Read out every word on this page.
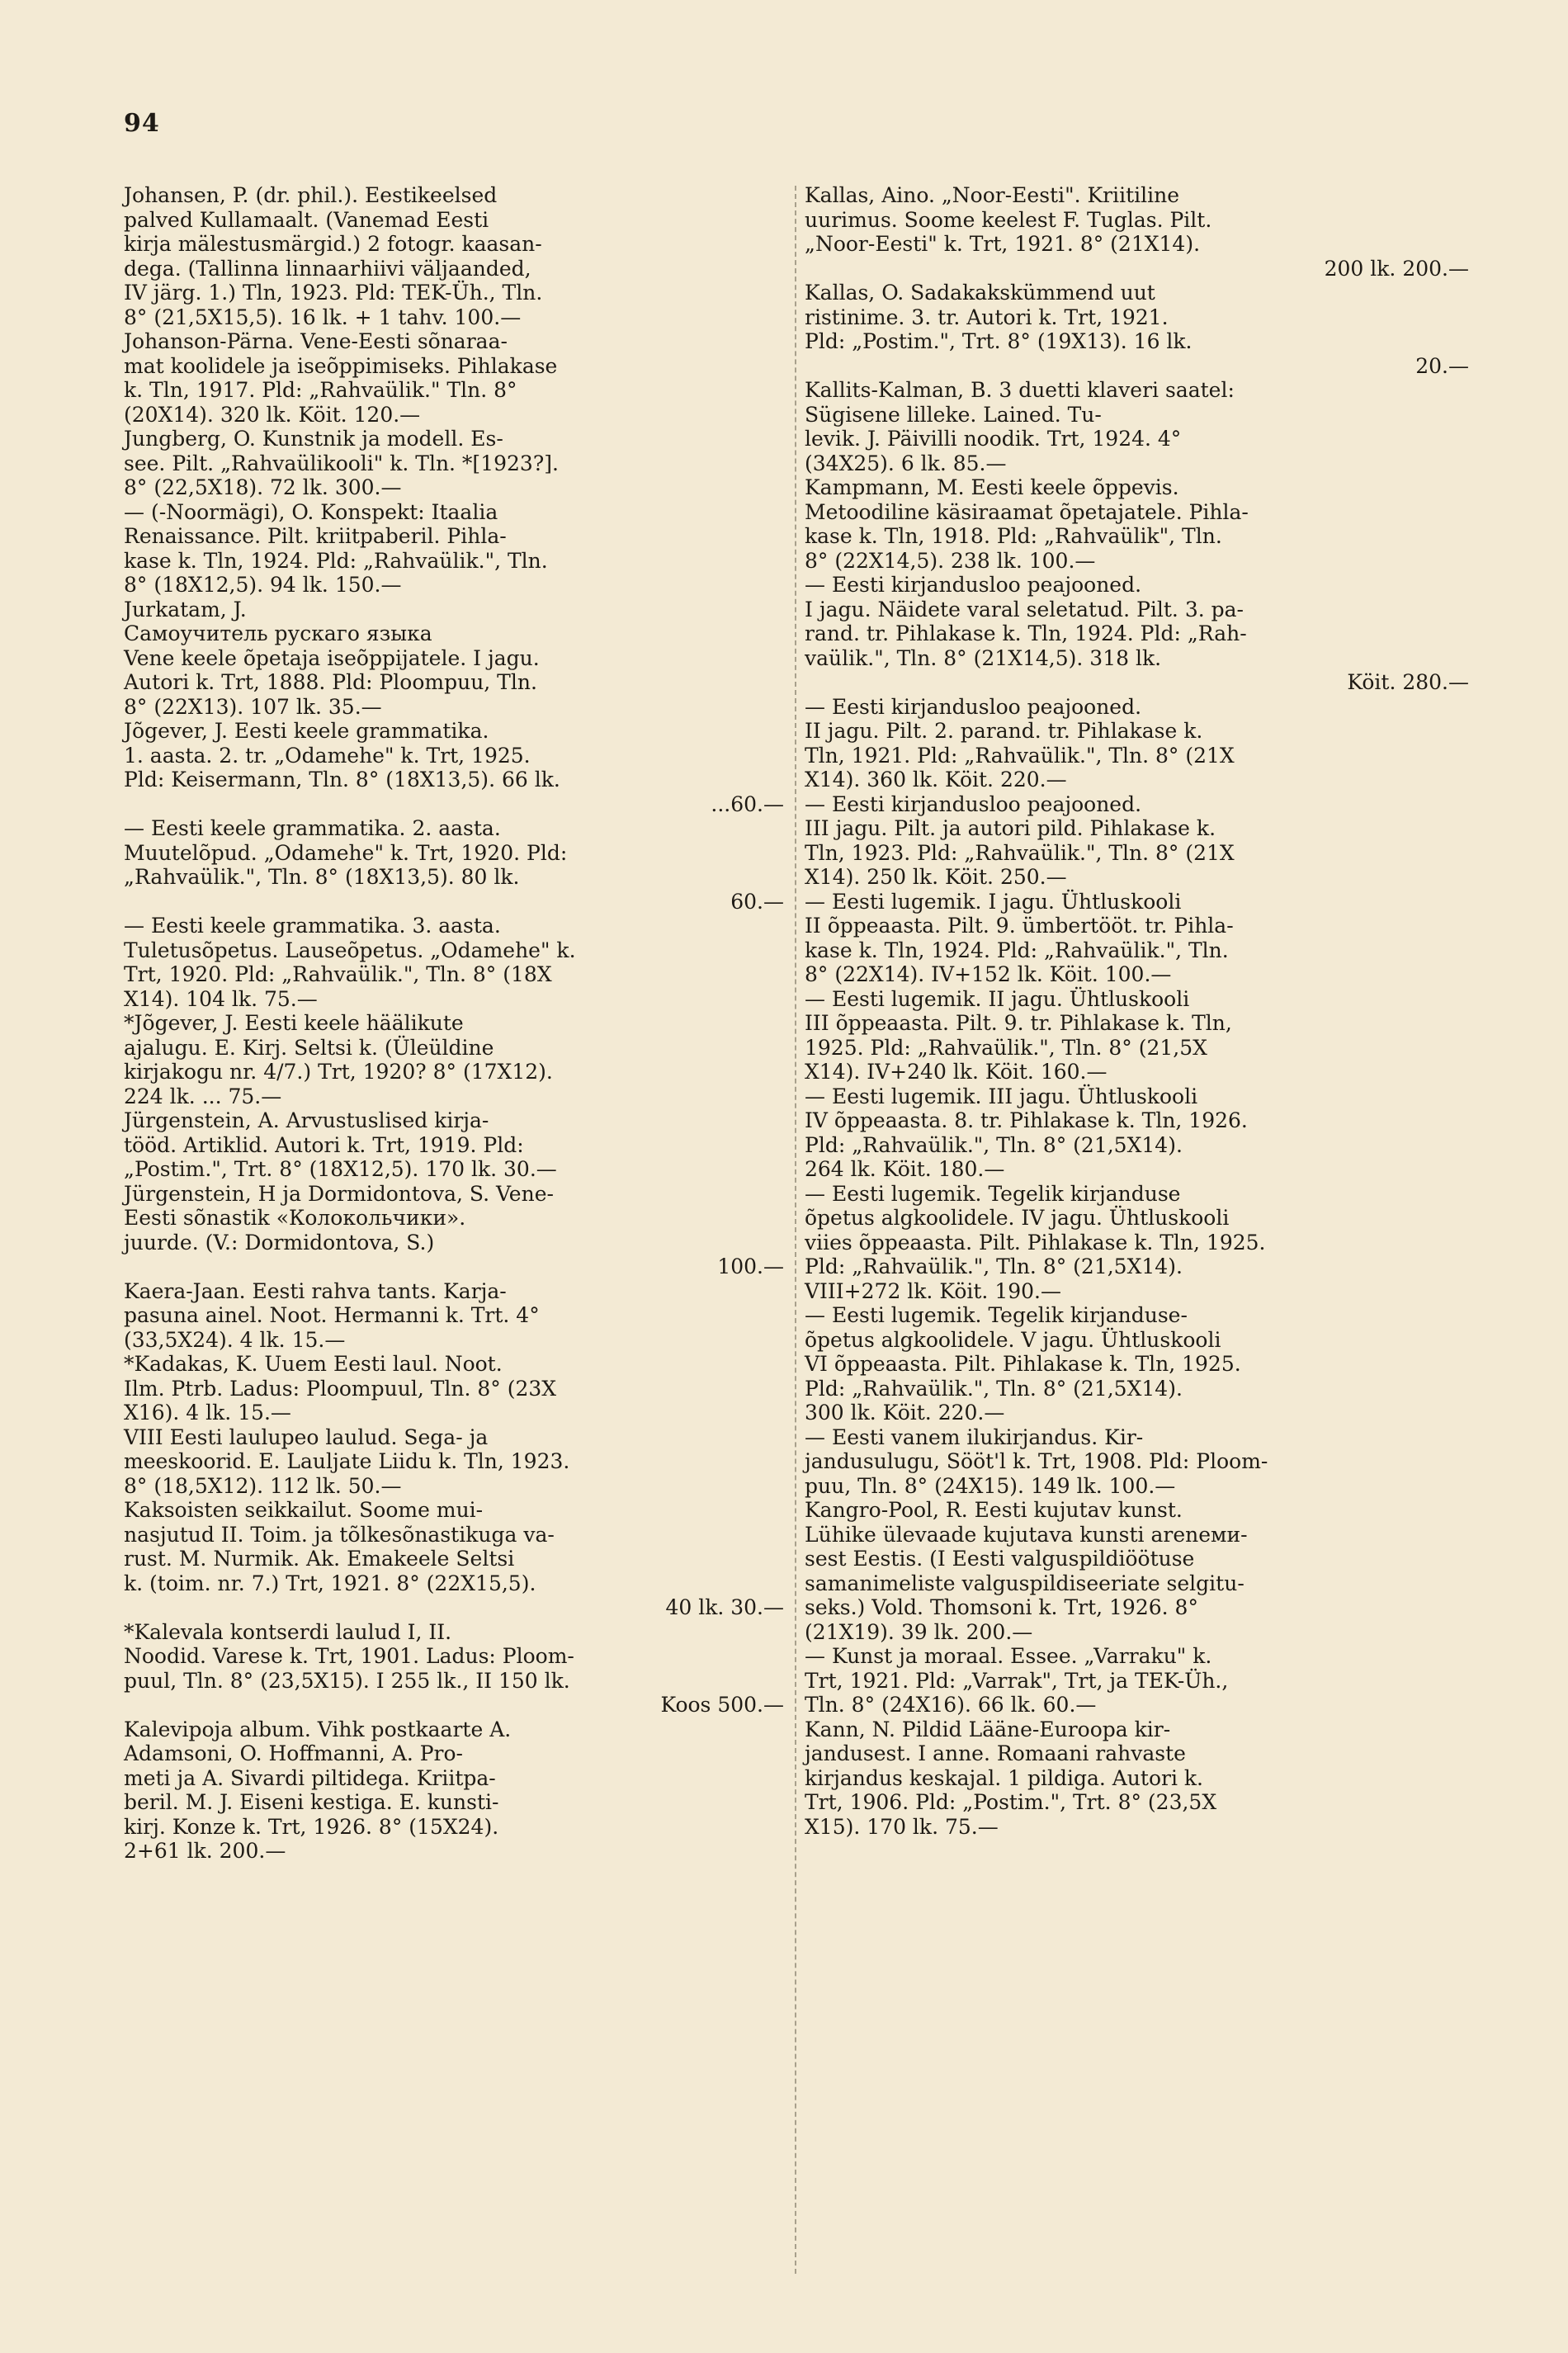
94
Johansen, P. (dr. phil.). Eestikeelsed
palved Kullamaalt. (Vanemad Eesti
kirja mälestusmärgid.) 2 fotogr. kaasan-
dega. (Tallinna linnaarhiivi väljaanded,
IV järg. 1.) Tln, 1923. Pld: TEK-Üh., Tln.
8° (21,5X15,5). 16 lk. + 1 tahv. 100.—
Johanson-Pärna. Vene-Eesti sõnaraa-
mat koolidele ja iseõppimiseks. Pihlakase
k. Tln, 1917. Pld: „Rahvaülik." Tln. 8°
(20X14). 320 lk. Köit. 120.—
Jungberg, O. Kunstnik ja modell. Es-
see. Pilt. „Rahvaülikooli" k. Tln. *[1923?].
8° (22,5X18). 72 lk. 300.—
— (-Noormägi), O. Konspekt: Itaalia
Renaissance. Pilt. kriitpaberil. Pihla-
kase k. Tln, 1924. Pld: „Rahvaülik.", Tln.
8° (18X12,5). 94 lk. 150.—
Jurkatam, J.
Самоучитель рускаго языка
Vene keele õpetaja iseõppijatele. I jagu.
Autori k. Trt, 1888. Pld: Ploompuu, Tln.
8° (22X13). 107 lk. 35.—
Jõgever, J. Eesti keele grammatika.
1. aasta. 2. tr. „Odamehe" k. Trt, 1925.
Pld: Keisermann, Tln. 8° (18X13,5). 66 lk.
...60.—
— Eesti keele grammatika. 2. aasta.
Muutelõpud. „Odamehe" k. Trt, 1920. Pld:
„Rahvaülik.", Tln. 8° (18X13,5). 80 lk.
60.—
— Eesti keele grammatika. 3. aasta.
Tuletusõpetus. Lauseõpetus. „Odamehe" k.
Trt, 1920. Pld: „Rahvaülik.", Tln. 8° (18X
X14). 104 lk. 75.—
*Jõgever, J. Eesti keele häälikute
ajalugu. E. Kirj. Seltsi k. (Üleüldine
kirjakogu nr. 4/7.) Trt, 1920? 8° (17X12).
224 lk. ... 75.—
Jürgenstein, A. Arvustuslised kirja-
tööd. Artiklid. Autori k. Trt, 1919. Pld:
„Postim.", Trt. 8° (18X12,5). 170 lk. 30.—
Jürgenstein, H ja Dormidontova, S. Vene-
Eesti sõnastik «Колокольчики».
juurde. (V.: Dormidontova, S.)
100.—
Kaera-Jaan. Eesti rahva tants. Karja-
pasuna ainel. Noot. Hermanni k. Trt. 4°
(33,5X24). 4 lk. 15.—
*Kadakas, K. Uuem Eesti laul. Noot.
Ilm. Ptrb. Ladus: Ploompuul, Tln. 8° (23X
X16). 4 lk. 15.—
VIII Eesti laulupeo laulud. Sega- ja
meeskoorid. E. Lauljate Liidu k. Tln, 1923.
8° (18,5X12). 112 lk. 50.—
Kaksoisten seikkailut. Soome mui-
nasjutud II. Toim. ja tõlkesõnastikuga va-
rust. M. Nurmik. Ak. Emakeele Seltsi
k. (toim. nr. 7.) Trt, 1921. 8° (22X15,5).
40 lk. 30.—
*Kalevala kontserdi laulud I, II.
Noodid. Varese k. Trt, 1901. Ladus: Ploom-
puul, Tln. 8° (23,5X15). I 255 lk., II 150 lk.
Koos 500.—
Kalevipoja album. Vihk postkaarte A.
Adamsoni, O. Hoffmanni, A. Pro-
meti ja A. Sivardi piltidega. Kriitpa-
beril. M. J. Eiseni kestiga. E. kunsti-
kirj. Konze k. Trt, 1926. 8° (15X24).
2+61 lk. 200.—
Kallas, Aino. „Noor-Eesti". Kriitiline
uurimus. Soome keelest F. Tuglas. Pilt.
„Noor-Eesti" k. Trt, 1921. 8° (21X14).
200 lk. 200.—
Kallas, O. Sadakakskümmend uut
ristinime. 3. tr. Autori k. Trt, 1921.
Pld: „Postim.", Trt. 8° (19X13). 16 lk.
20.—
Kallits-Kalman, B. 3 duetti klaveri saatel:
Sügisene lilleke. Lained. Tu-
levik. J. Päivilli noodik. Trt, 1924. 4°
(34X25). 6 lk. 85.—
Kampmann, M. Eesti keele õppevis.
Metoodiline käsiraamat õpetajatele. Pihla-
kase k. Tln, 1918. Pld: „Rahvaülik", Tln.
8° (22X14,5). 238 lk. 100.—
— Eesti kirjandusloo peajooned.
I jagu. Näidete varal seletatud. Pilt. 3. pa-
rand. tr. Pihlakase k. Tln, 1924. Pld: „Rah-
vaülik.", Tln. 8° (21X14,5). 318 lk.
Köit. 280.—
— Eesti kirjandusloo peajooned.
II jagu. Pilt. 2. parand. tr. Pihlakase k.
Tln, 1921. Pld: „Rahvaülik.", Tln. 8° (21X
X14). 360 lk. Köit. 220.—
— Eesti kirjandusloo peajooned.
III jagu. Pilt. ja autori pild. Pihlakase k.
Tln, 1923. Pld: „Rahvaülik.", Tln. 8° (21X
X14). 250 lk. Köit. 250.—
— Eesti lugemik. I jagu. Ühtluskooli
II õppeaasta. Pilt. 9. ümbertööt. tr. Pihla-
kase k. Tln, 1924. Pld: „Rahvaülik.", Tln.
8° (22X14). IV+152 lk. Köit. 100.—
— Eesti lugemik. II jagu. Ühtluskooli
III õppeaasta. Pilt. 9. tr. Pihlakase k. Tln,
1925. Pld: „Rahvaülik.", Tln. 8° (21,5X
X14). IV+240 lk. Köit. 160.—
— Eesti lugemik. III jagu. Ühtluskooli
IV õppeaasta. 8. tr. Pihlakase k. Tln, 1926.
Pld: „Rahvaülik.", Tln. 8° (21,5X14).
264 lk. Köit. 180.—
— Eesti lugemik. Tegelik kirjanduse
õpetus algkoolidele. IV jagu. Ühtluskooli
viies õppeaasta. Pilt. Pihlakase k. Tln, 1925.
Pld: „Rahvaülik.", Tln. 8° (21,5X14).
VIII+272 lk. Köit. 190.—
— Eesti lugemik. Tegelik kirjanduse-
õpetus algkoolidele. V jagu. Ühtluskooli
VI õppeaasta. Pilt. Pihlakase k. Tln, 1925.
Pld: „Rahvaülik.", Tln. 8° (21,5X14).
300 lk. Köit. 220.—
— Eesti vanem ilukirjandus. Kir-
jandusulugu, Sööt'l k. Trt, 1908. Pld: Ploom-
puu, Tln. 8° (24X15). 149 lk. 100.—
Kangro-Pool, R. Eesti kujutav kunst.
Lühike ülevaade kujutava kunsti areneми-
sest Eestis. (I Eesti valguspildiöötuse
samanimeliste valguspildiseeriate selgitu-
seks.) Vold. Thomsoni k. Trt, 1926. 8°
(21X19). 39 lk. 200.—
— Kunst ja moraal. Essee. „Varraku" k.
Trt, 1921. Pld: „Varrak", Trt, ja TEK-Üh.,
Tln. 8° (24X16). 66 lk. 60.—
Kann, N. Pildid Lääne-Euroopa kir-
jandusest. I anne. Romaani rahvaste
kirjandus keskajal. 1 pildiga. Autori k.
Trt, 1906. Pld: „Postim.", Trt. 8° (23,5X
X15). 170 lk. 75.—
